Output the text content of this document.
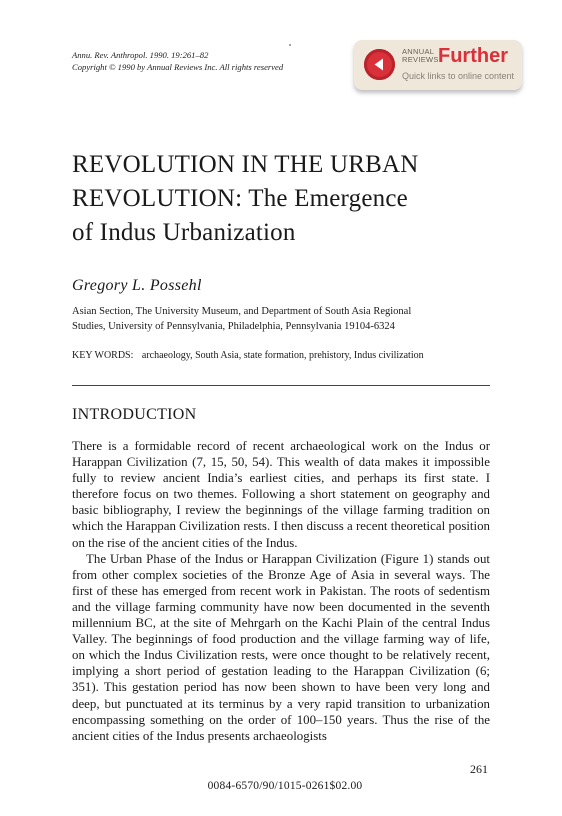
Annu. Rev. Anthropol. 1990. 19:261–82
Copyright © 1990 by Annual Reviews Inc. All rights reserved
ANNUAL
REVIEWS Further
Quick links to online content
REVOLUTION IN THE URBAN
REVOLUTION: The Emergence
of Indus Urbanization
Gregory L. Possehl
Asian Section, The University Museum, and Department of South Asia Regional
Studies, University of Pennsylvania, Philadelphia, Pennsylvania 19104-6324
KEY WORDS: archaeology, South Asia, state formation, prehistory, Indus civilization
INTRODUCTION

There is a formidable record of recent archaeological work on the Indus or Harappan Civilization (7, 15, 50, 54). This wealth of data makes it impossible fully to review ancient India’s earliest cities, and perhaps its first state. I therefore focus on two themes. Following a short statement on geography and basic bibliography, I review the beginnings of the village farming tradition on which the Harappan Civilization rests. I then discuss a recent theoretical position on the rise of the ancient cities of the Indus.

The Urban Phase of the Indus or Harappan Civilization (Figure 1) stands out from other complex societies of the Bronze Age of Asia in several ways. The first of these has emerged from recent work in Pakistan. The roots of sedentism and the village farming community have now been documented in the seventh millennium BC, at the site of Mehrgarh on the Kachi Plain of the central Indus Valley. The beginnings of food production and the village farming way of life, on which the Indus Civilization rests, were once thought to be relatively recent, implying a short period of gestation leading to the Harappan Civilization (6; 351). This gestation period has now been shown to have been very long and deep, but punctuated at its terminus by a very rapid transition to urbanization encompassing something on the order of 100–150 years. Thus the rise of the ancient cities of the Indus presents archaeologists

261
0084-6570/90/1015-0261$02.00
